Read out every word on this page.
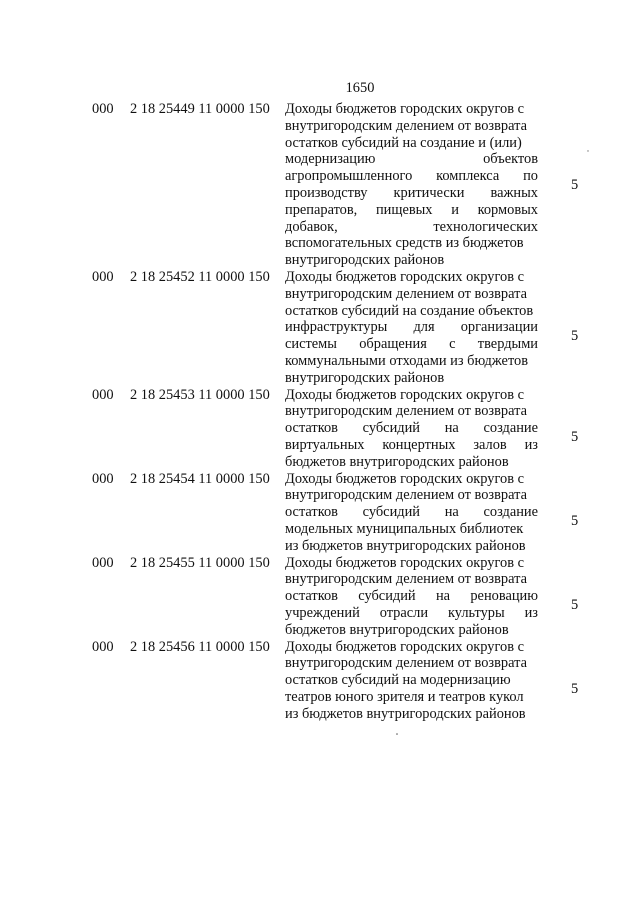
1650
000 2 18 25449 11 0000 150 Доходы бюджетов городских округов с
внутригородским делением от возврата
остатков субсидий на создание и (или)
модернизацию объектов
агропромышленного комплекса по
производству критически важных
препаратов, пищевых и кормовых
добавок, технологических
вспомогательных средств из бюджетов
внутригородских районов
5
000 2 18 25452 11 0000 150 Доходы бюджетов городских округов с
внутригородским делением от возврата
остатков субсидий на создание объектов
инфраструктуры для организации
системы обращения с твердыми
коммунальными отходами из бюджетов
внутригородских районов
5
000 2 18 25453 11 0000 150 Доходы бюджетов городских округов с
внутригородским делением от возврата
остатков субсидий на создание
виртуальных концертных залов из
бюджетов внутригородских районов
5
000 2 18 25454 11 0000 150 Доходы бюджетов городских округов с
внутригородским делением от возврата
остатков субсидий на создание
модельных муниципальных библиотек
из бюджетов внутригородских районов
5
000 2 18 25455 11 0000 150 Доходы бюджетов городских округов с
внутригородским делением от возврата
остатков субсидий на реновацию
учреждений отрасли культуры из
бюджетов внутригородских районов
5
000 2 18 25456 11 0000 150 Доходы бюджетов городских округов с
внутригородским делением от возврата
остатков субсидий на модернизацию
театров юного зрителя и театров кукол
из бюджетов внутригородских районов
5
